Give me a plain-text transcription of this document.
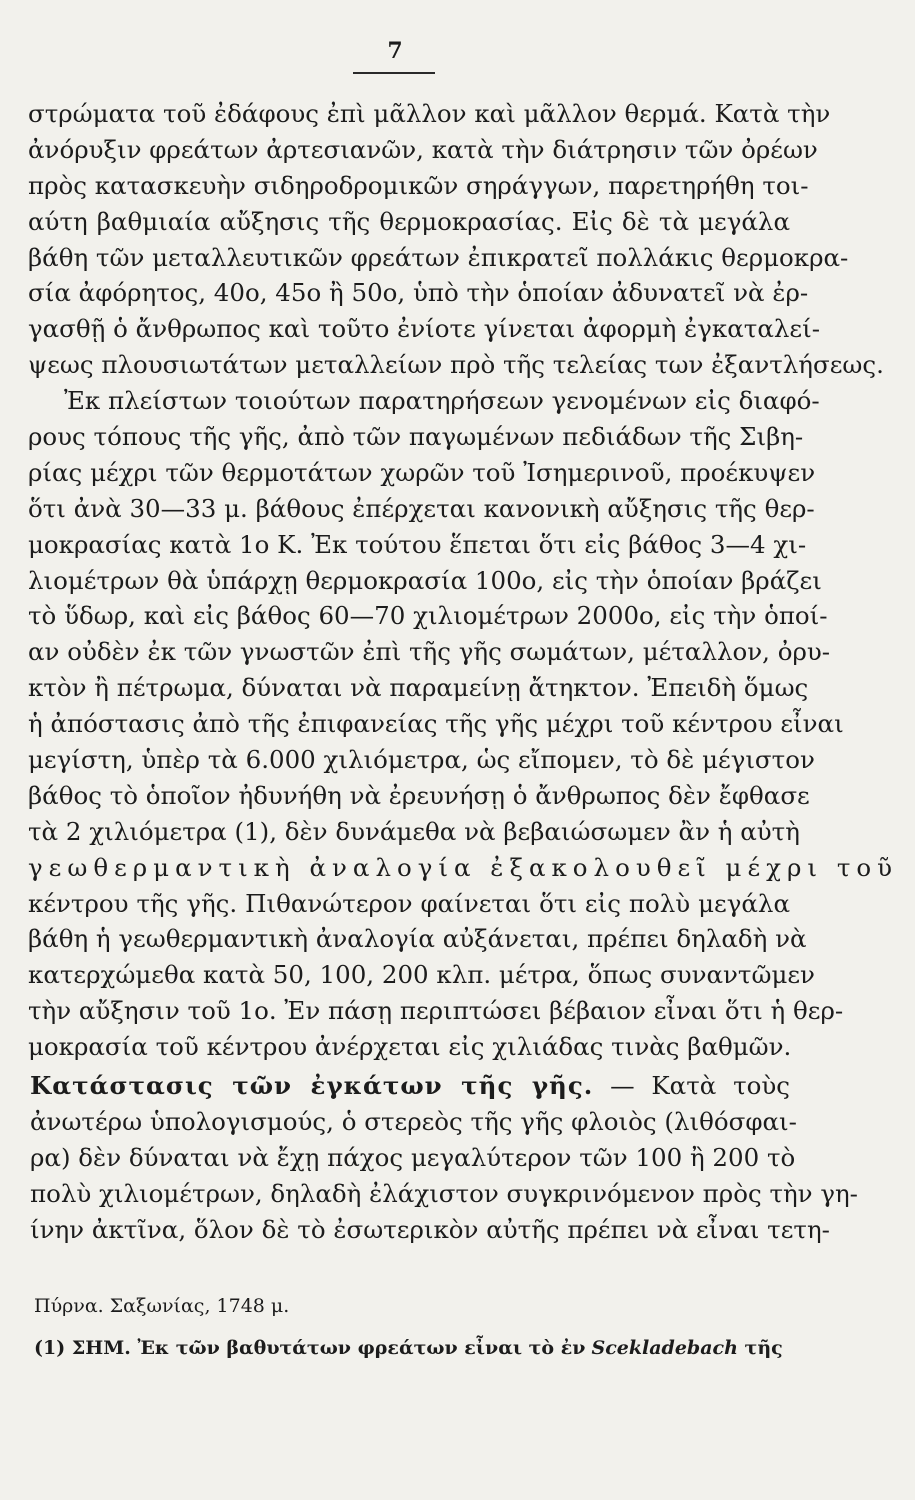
7
στρώματα τοῦ ἐδάφους ἐπὶ μᾶλλον καὶ μᾶλλον θερμά. Κατὰ τὴν
ἀνόρυξιν φρεάτων ἀρτεσιανῶν, κατὰ τὴν διάτρησιν τῶν ὀρέων
πρὸς κατασκευὴν σιδηροδρομικῶν σηράγγων, παρετηρήθη τοι-
αύτη βαθμιαία αὔξησις τῆς θερμοκρασίας. Εἰς δὲ τὰ μεγάλα
βάθη τῶν μεταλλευτικῶν φρεάτων ἐπικρατεῖ πολλάκις θερμοκρα-
σία ἀφόρητος, 40ο, 45ο ἢ 50ο, ὑπὸ τὴν ὁποίαν ἀδυνατεῖ νὰ ἐρ-
γασθῇ ὁ ἄνθρωπος καὶ τοῦτο ἐνίοτε γίνεται ἀφορμὴ ἐγκαταλεί-
ψεως πλουσιωτάτων μεταλλείων πρὸ τῆς τελείας των ἐξαντλήσεως.
Ἐκ πλείστων τοιούτων παρατηρήσεων γενομένων εἰς διαφό-
ρους τόπους τῆς γῆς, ἀπὸ τῶν παγωμένων πεδιάδων τῆς Σιβη-
ρίας μέχρι τῶν θερμοτάτων χωρῶν τοῦ Ἰσημερινοῦ, προέκυψεν
ὅτι ἀνὰ 30—33 μ. βάθους ἐπέρχεται κανονικὴ αὔξησις τῆς θερ-
μοκρασίας κατὰ 1ο Κ. Ἐκ τούτου ἕπεται ὅτι εἰς βάθος 3—4 χι-
λιομέτρων θὰ ὑπάρχῃ θερμοκρασία 100ο, εἰς τὴν ὁποίαν βράζει
τὸ ὕδωρ, καὶ εἰς βάθος 60—70 χιλιομέτρων 2000ο, εἰς τὴν ὁποί-
αν οὐδὲν ἐκ τῶν γνωστῶν ἐπὶ τῆς γῆς σωμάτων, μέταλλον, ὀρυ-
κτὸν ἢ πέτρωμα, δύναται νὰ παραμείνῃ ἄτηκτον. Ἐπειδὴ ὅμως
ἡ ἀπόστασις ἀπὸ τῆς ἐπιφανείας τῆς γῆς μέχρι τοῦ κέντρου εἶναι
μεγίστη, ὑπὲρ τὰ 6.000 χιλιόμετρα, ὡς εἴπομεν, τὸ δὲ μέγιστον
βάθος τὸ ὁποῖον ἠδυνήθη νὰ ἐρευνήσῃ ὁ ἄνθρωπος δὲν ἔφθασε
τὰ 2 χιλιόμετρα (1), δὲν δυνάμεθα νὰ βεβαιώσωμεν ἂν ἡ αὐτὴ
γεωθερμαντικὴ ἀναλογία ἐξακολουθεῖ μέχρι τοῦ
κέντρου τῆς γῆς. Πιθανώτερον φαίνεται ὅτι εἰς πολὺ μεγάλα
βάθη ἡ γεωθερμαντικὴ ἀναλογία αὐξάνεται, πρέπει δηλαδὴ νὰ
κατερχώμεθα κατὰ 50, 100, 200 κλπ. μέτρα, ὅπως συναντῶμεν
τὴν αὔξησιν τοῦ 1ο. Ἐν πάσῃ περιπτώσει βέβαιον εἶναι ὅτι ἡ θερ-
μοκρασία τοῦ κέντρου ἀνέρχεται εἰς χιλιάδας τινὰς βαθμῶν.
Κατάστασις τῶν ἐγκάτων τῆς γῆς. — Κατὰ τοὺς
ἀνωτέρω ὑπολογισμούς, ὁ στερεὸς τῆς γῆς φλοιὸς (λιθόσφαι-
ρα) δὲν δύναται νὰ ἔχῃ πάχος μεγαλύτερον τῶν 100 ἢ 200 τὸ
πολὺ χιλιομέτρων, δηλαδὴ ἐλάχιστον συγκρινόμενον πρὸς τὴν γη-
ίνην ἀκτῖνα, ὅλον δὲ τὸ ἐσωτερικὸν αὐτῆς πρέπει νὰ εἶναι τετη-
Πύρνα. Σαξωνίας, 1748 μ.
(1) ΣΗΜ. Ἐκ τῶν βαθυτάτων φρεάτων εἶναι τὸ ἐν Scekladebach τῆς
